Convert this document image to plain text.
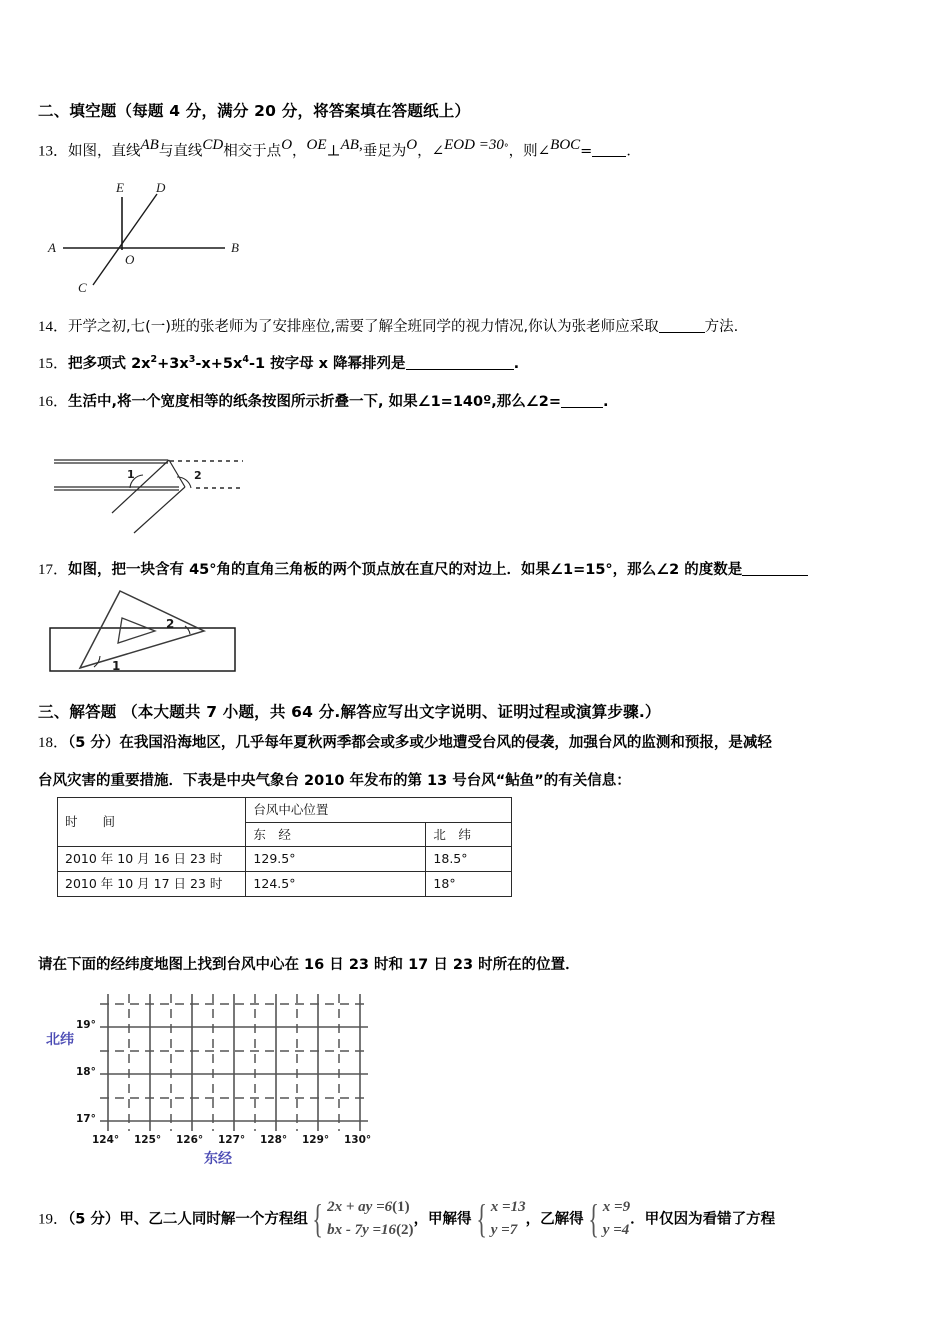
二、填空题（每题 4 分，满分 20 分，将答案填在答题纸上）
13．如图，直线AB与直线CD相交于点O，OE⊥AB,垂足为O，∠EOD =30°，则∠BOC= ．
E D
A	B
O
C
14．开学之初,七(一)班的张老师为了安排座位,需要了解全班同学的视力情况,你认为张老师应采取	方法.
15．把多项式 $2x^2+3x^3-x+5x^4-1$ 按字母 x 降幂排列是	.
16．生活中,将一个宽度相等的纸条按图所示折叠一下, 如果∠1=140º,那么∠2=	.
1	2
17．如图，把一块含有 45°角的直角三角板的两个顶点放在直尺的对边上．如果∠1=15°，那么∠2 的度数是
2
1
三、解答题 （本大题共 7 小题，共 64 分.解答应写出文字说明、证明过程或演算步骤.）
18．（5 分）在我国沿海地区，几乎每年夏秋两季都会或多或少地遭受台风的侵袭，加强台风的监测和预报，是减轻
台风灾害的重要措施．下表是中央气象台 2010 年发布的第 13 号台风“鲇鱼”的有关信息：
时　　间	台风中心位置	
	东　经	北　纬
2010 年 10 月 16 日 23 时	129.5°	18.5°
2010 年 10 月 17 日 23 时	124.5°	18°
请在下面的经纬度地图上找到台风中心在 16 日 23 时和 17 日 23 时所在的位置．
19°
18°
17°
124° 125° 126° 127° 128° 129° 130°
北纬
东经
19．（5 分）甲、乙二人同时解一个方程组 { 2x + ay =6(1)
bx - 7y =16(2)
，甲解得 { x =13
y =7
，乙解得 { x =9
y =4
．甲仅因为看错了方程
